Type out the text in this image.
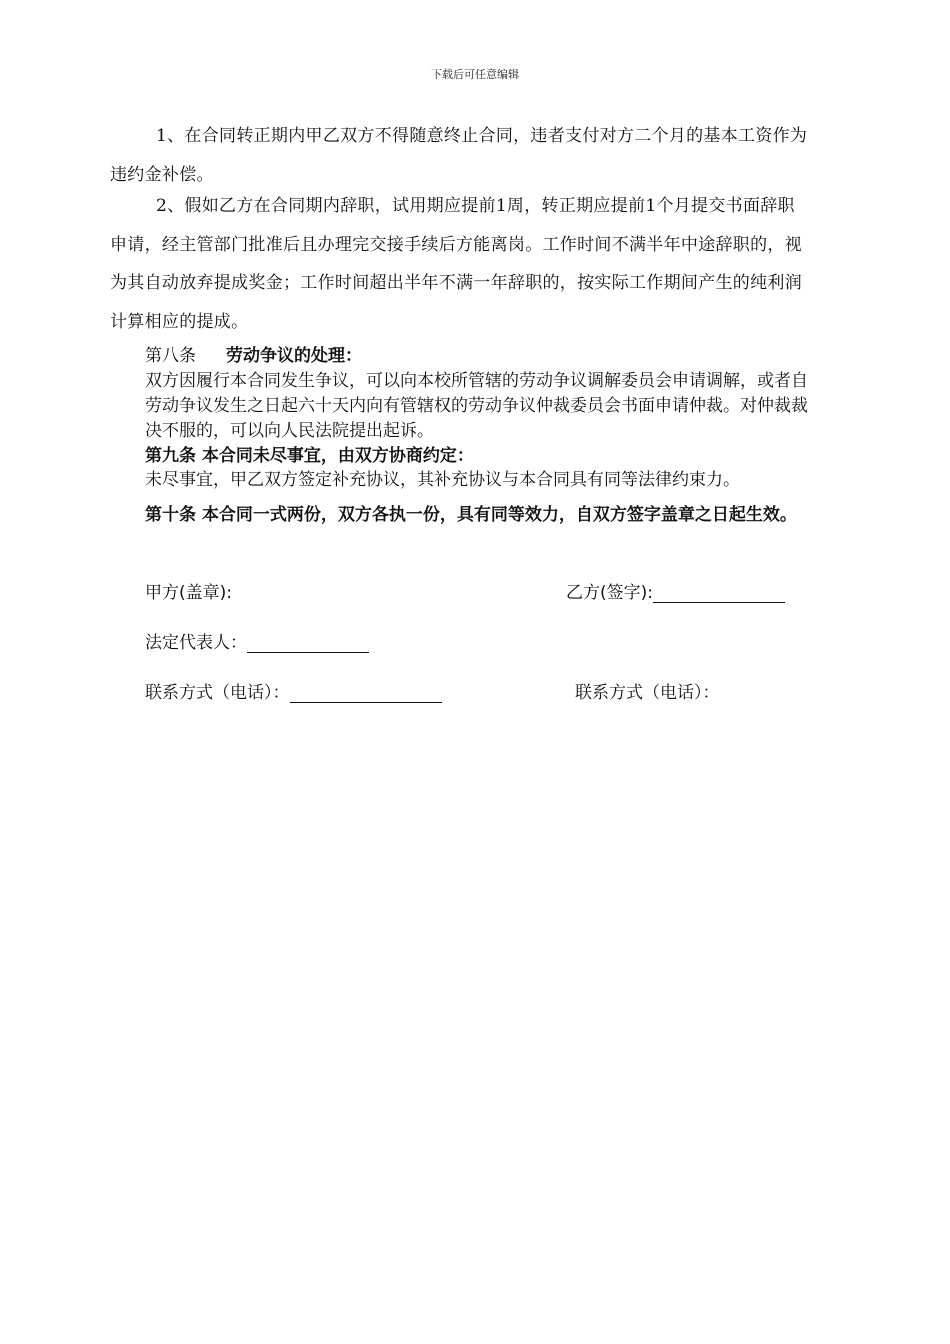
下载后可任意编辑
1、在合同转正期内甲乙双方不得随意终止合同，违者支付对方二个月的基本工资作为违约金补偿。
2、假如乙方在合同期内辞职，试用期应提前1周，转正期应提前1个月提交书面辞职申请，经主管部门批准后且办理完交接手续后方能离岗。工作时间不满半年中途辞职的，视为其自动放弃提成奖金；工作时间超出半年不满一年辞职的，按实际工作期间产生的纯利润计算相应的提成。
第八条 劳动争议的处理：
双方因履行本合同发生争议，可以向本校所管辖的劳动争议调解委员会申请调解，或者自劳动争议发生之日起六十天内向有管辖权的劳动争议仲裁委员会书面申请仲裁。对仲裁裁决不服的，可以向人民法院提出起诉。
第九条 本合同未尽事宜，由双方协商约定：
未尽事宜，甲乙双方签定补充协议，其补充协议与本合同具有同等法律约束力。
第十条 本合同一式两份，双方各执一份，具有同等效力，自双方签字盖章之日起生效。
甲方(盖章):	乙方(签字):
法定代表人：
联系方式（电话）：	联系方式（电话）：
